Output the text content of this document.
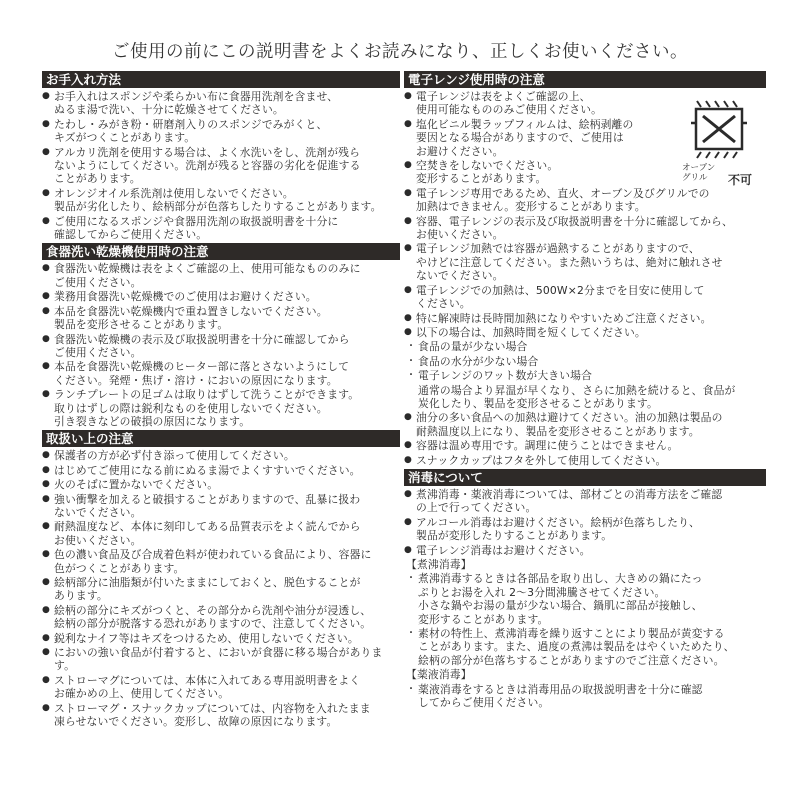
ご使用の前にこの説明書をよくお読みになり、正しくお使いください。
お手入れ方法
● お手入れはスポンジや柔らかい布に食器用洗剤を含ませ、
ぬるま湯で洗い、十分に乾燥させてください。
● たわし・みがき粉・研磨剤入りのスポンジでみがくと、
キズがつくことがあります。
● アルカリ洗剤を使用する場合は、よく水洗いをし、洗剤が残ら
ないようにしてください。洗剤が残ると容器の劣化を促進する
ことがあります。
● オレンジオイル系洗剤は使用しないでください。
製品が劣化したり、絵柄部分が色落ちしたりすることがあります。
● ご使用になるスポンジや食器用洗剤の取扱説明書を十分に
確認してからご使用ください。
食器洗い乾燥機使用時の注意
● 食器洗い乾燥機は表をよくご確認の上、使用可能なもののみに
ご使用ください。
● 業務用食器洗い乾燥機でのご使用はお避けください。
● 本品を食器洗い乾燥機内で重ね置きしないでください。
製品を変形させることがあります。
● 食器洗い乾燥機の表示及び取扱説明書を十分に確認してから
ご使用ください。
● 本品を食器洗い乾燥機のヒーター部に落とさないようにして
ください。発煙・焦げ・溶け・においの原因になります。
● ランチプレートの足ゴムは取りはずして洗うことができます。
取りはずしの際は鋭利なものを使用しないでください。
引き裂きなどの破損の原因になります。
取扱い上の注意
● 保護者の方が必ず付き添って使用してください。
● はじめてご使用になる前にぬるま湯でよくすすいでください。
● 火のそばに置かないでください。
● 強い衝撃を加えると破損することがありますので、乱暴に扱わ
ないでください。
● 耐熱温度など、本体に刻印してある品質表示をよく読んでから
お使いください。
● 色の濃い食品及び合成着色料が使われている食品により、容器に
色がつくことがあります。
● 絵柄部分に油脂類が付いたままにしておくと、脱色することが
あります。
● 絵柄の部分にキズがつくと、その部分から洗剤や油分が浸透し、
絵柄の部分が脱落する恐れがありますので、注意してください。
● 鋭利なナイフ等はキズをつけるため、使用しないでください。
● においの強い食品が付着すると、においが食器に移る場合があります。
● ストローマグについては、本体に入れてある専用説明書をよく
お確かめの上、使用してください。
● ストローマグ・スナックカップについては、内容物を入れたまま
凍らせないでください。変形し、故障の原因になります。
電子レンジ使用時の注意
● 電子レンジは表をよくご確認の上、
使用可能なもののみご使用ください。
● 塩化ビニル製ラップフィルムは、絵柄剥離の
要因となる場合がありますので、ご使用は
お避けください。
● 空焚きをしないでください。
変形することがあります。
● 電子レンジ専用であるため、直火、オーブン及びグリルでの
加熱はできません。変形することがあります。
● 容器、電子レンジの表示及び取扱説明書を十分に確認してから、
お使いください。
● 電子レンジ加熱では容器が過熱することがありますので、
やけどに注意してください。また熱いうちは、絶対に触れさせ
ないでください。
● 電子レンジでの加熱は、500W×2分までを目安に使用して
ください。
● 特に解凍時は長時間加熱になりやすいためご注意ください。
● 以下の場合は、加熱時間を短くしてください。
・ 食品の量が少ない場合
・ 食品の水分が少ない場合
・ 電子レンジのワット数が大きい場合
通常の場合より昇温が早くなり、さらに加熱を続けると、食品が
炭化したり、製品を変形させることがあります。
● 油分の多い食品への加熱は避けてください。油の加熱は製品の
耐熱温度以上になり、製品を変形させることがあります。
● 容器は温め専用です。調理に使うことはできません。
● スナックカップはフタを外して使用してください。
消毒について
● 煮沸消毒・薬液消毒については、部材ごとの消毒方法をご確認
の上で行ってください。
● アルコール消毒はお避けください。絵柄が色落ちしたり、
製品が変形したりすることがあります。
● 電子レンジ消毒はお避けください。
【煮沸消毒】
・ 煮沸消毒するときは各部品を取り出し、大きめの鍋にたっ
ぷりとお湯を入れ 2〜3分間沸騰させてください。
小さな鍋やお湯の量が少ない場合、鍋肌に部品が接触し、
変形することがあります。
・ 素材の特性上、煮沸消毒を繰り返すことにより製品が黄変する
ことがあります。また、過度の煮沸は製品をはやくいためたり、
絵柄の部分が色落ちすることがありますのでご注意ください。
【薬液消毒】
・ 薬液消毒をするときは消毒用品の取扱説明書を十分に確認
してからご使用ください。
オーブン
グリル	不可
